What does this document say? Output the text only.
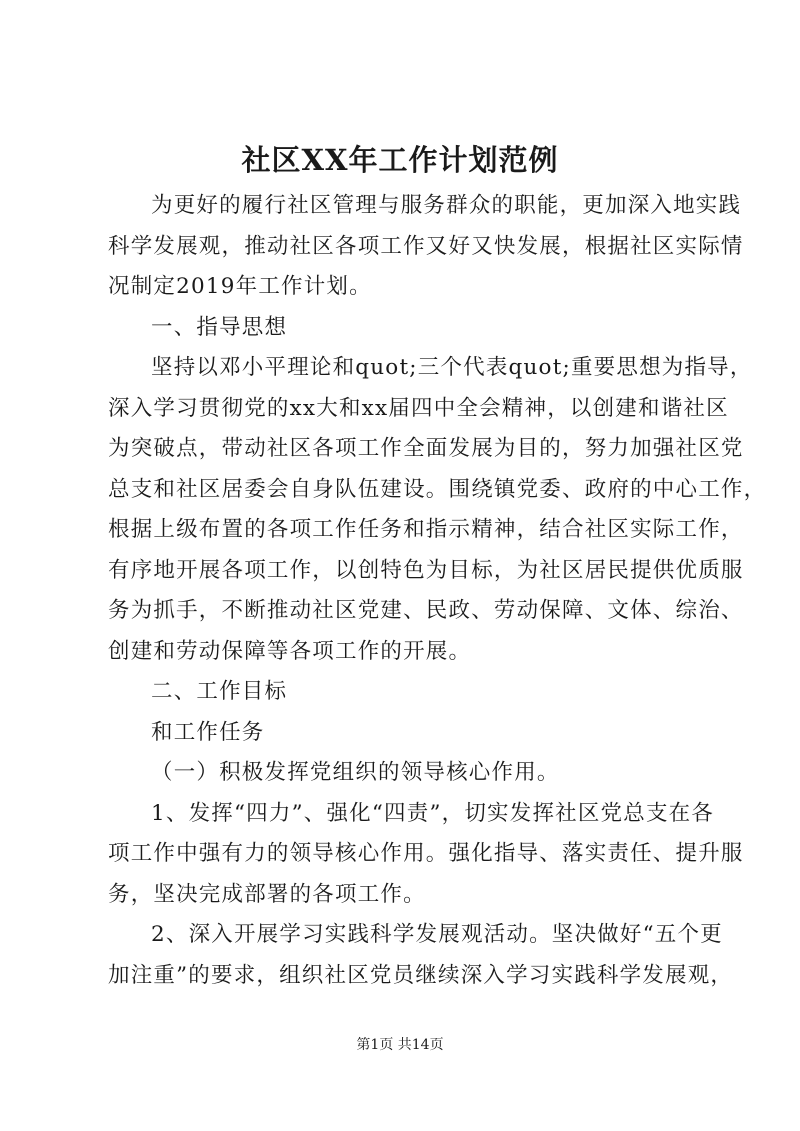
社区XX年工作计划范例
为更好的履行社区管理与服务群众的职能，更加深入地实践
科学发展观，推动社区各项工作又好又快发展，根据社区实际情
况制定2019年工作计划。
一、指导思想
坚持以邓小平理论和quot;三个代表quot;重要思想为指导，
深入学习贯彻党的xx大和xx届四中全会精神，以创建和谐社区
为突破点，带动社区各项工作全面发展为目的，努力加强社区党
总支和社区居委会自身队伍建设。围绕镇党委、政府的中心工作，
根据上级布置的各项工作任务和指示精神，结合社区实际工作，
有序地开展各项工作，以创特色为目标，为社区居民提供优质服
务为抓手，不断推动社区党建、民政、劳动保障、文体、综治、
创建和劳动保障等各项工作的开展。
二、工作目标
和工作任务
（一）积极发挥党组织的领导核心作用。
1、发挥“四力”、强化“四责”，切实发挥社区党总支在各
项工作中强有力的领导核心作用。强化指导、落实责任、提升服
务，坚决完成部署的各项工作。
2、深入开展学习实践科学发展观活动。坚决做好“五个更
加注重”的要求，组织社区党员继续深入学习实践科学发展观，
第1页 共14页
